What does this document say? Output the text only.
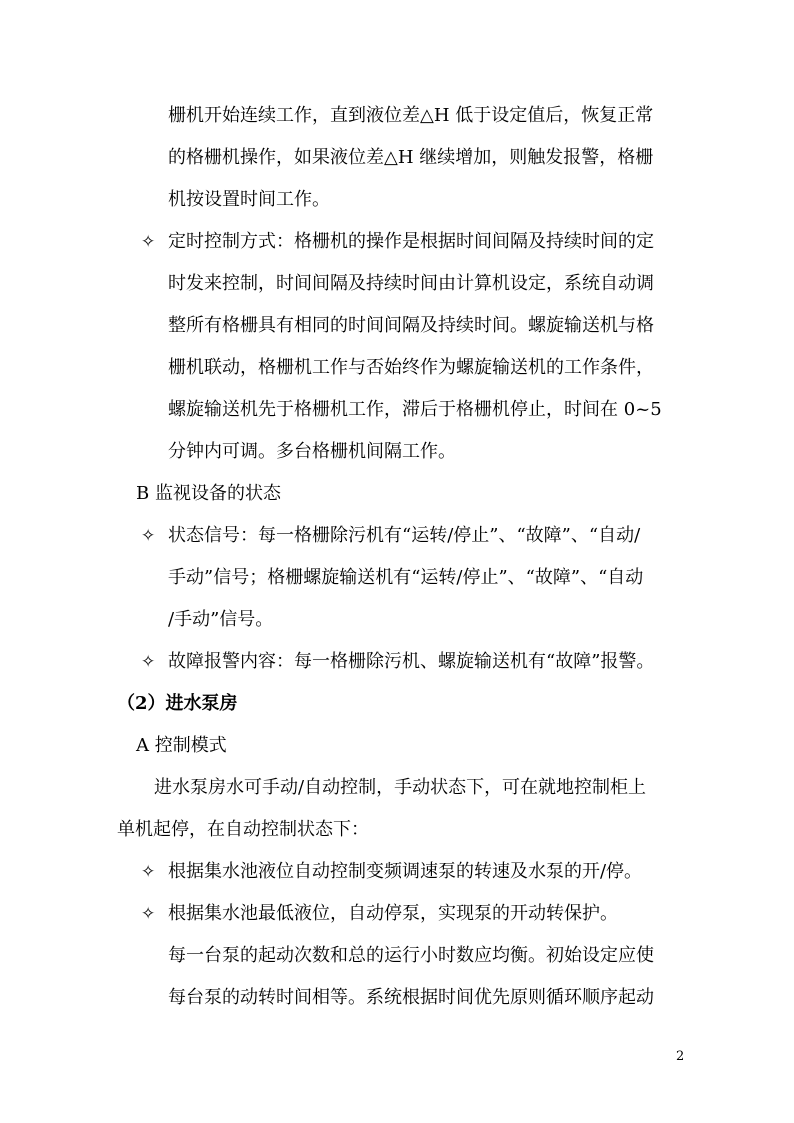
栅机开始连续工作，直到液位差△H 低于设定值后，恢复正常
的格栅机操作，如果液位差△H 继续增加，则触发报警，格栅
机按设置时间工作。
✧ 定时控制方式：格栅机的操作是根据时间间隔及持续时间的定
时发来控制，时间间隔及持续时间由计算机设定，系统自动调
整所有格栅具有相同的时间间隔及持续时间。螺旋输送机与格
栅机联动，格栅机工作与否始终作为螺旋输送机的工作条件，
螺旋输送机先于格栅机工作，滞后于格栅机停止，时间在 0~5
分钟内可调。多台格栅机间隔工作。
B 监视设备的状态
✧ 状态信号：每一格栅除污机有“运转/停止”、“故障”、“自动/
手动”信号；格栅螺旋输送机有“运转/停止”、“故障”、“自动
/手动”信号。
✧ 故障报警内容：每一格栅除污机、螺旋输送机有“故障”报警。
（2）进水泵房
A 控制模式
进水泵房水可手动/自动控制，手动状态下，可在就地控制柜上
单机起停，在自动控制状态下：
✧ 根据集水池液位自动控制变频调速泵的转速及水泵的开/停。
✧ 根据集水池最低液位，自动停泵，实现泵的开动转保护。
每一台泵的起动次数和总的运行小时数应均衡。初始设定应使
每台泵的动转时间相等。系统根据时间优先原则循环顺序起动
2
